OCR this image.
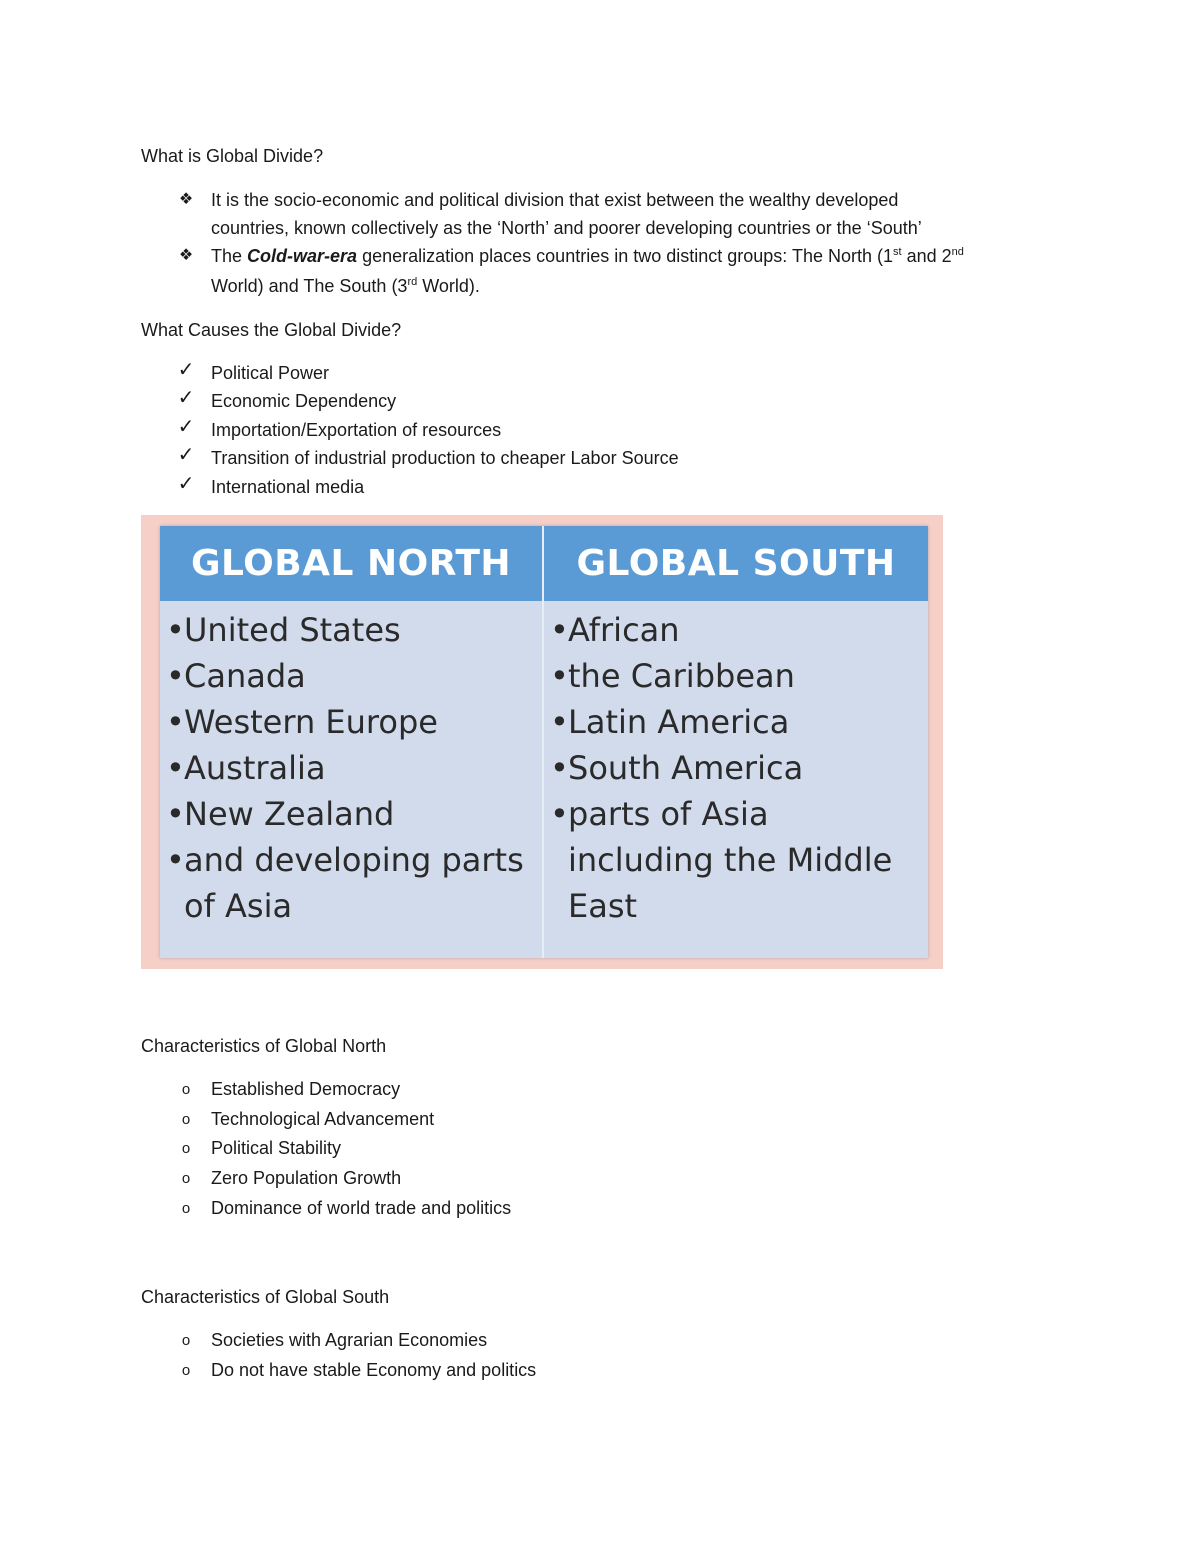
What is Global Divide?
❖ It is the socio-economic and political division that exist between the wealthy developed
countries, known collectively as the ‘North’ and poorer developing countries or the ‘South’
❖ The Cold-war-era generalization places countries in two distinct groups: The North (1st and 2nd
World) and The South (3rd World).
What Causes the Global Divide?
✓ Political Power
✓ Economic Dependency
✓ Importation/Exportation of resources
✓ Transition of industrial production to cheaper Labor Source
✓ International media
GLOBAL NORTH
• United States
• Canada
• Western Europe
• Australia
• New Zealand
• and developing parts of Asia
GLOBAL SOUTH
• African
• the Caribbean
• Latin America
• South America
• parts of Asia including the Middle East
Characteristics of Global North
o	Established Democracy
o	Technological Advancement
o	Political Stability
o	Zero Population Growth
o	Dominance of world trade and politics
Characteristics of Global South
o	Societies with Agrarian Economies
o	Do not have stable Economy and politics
